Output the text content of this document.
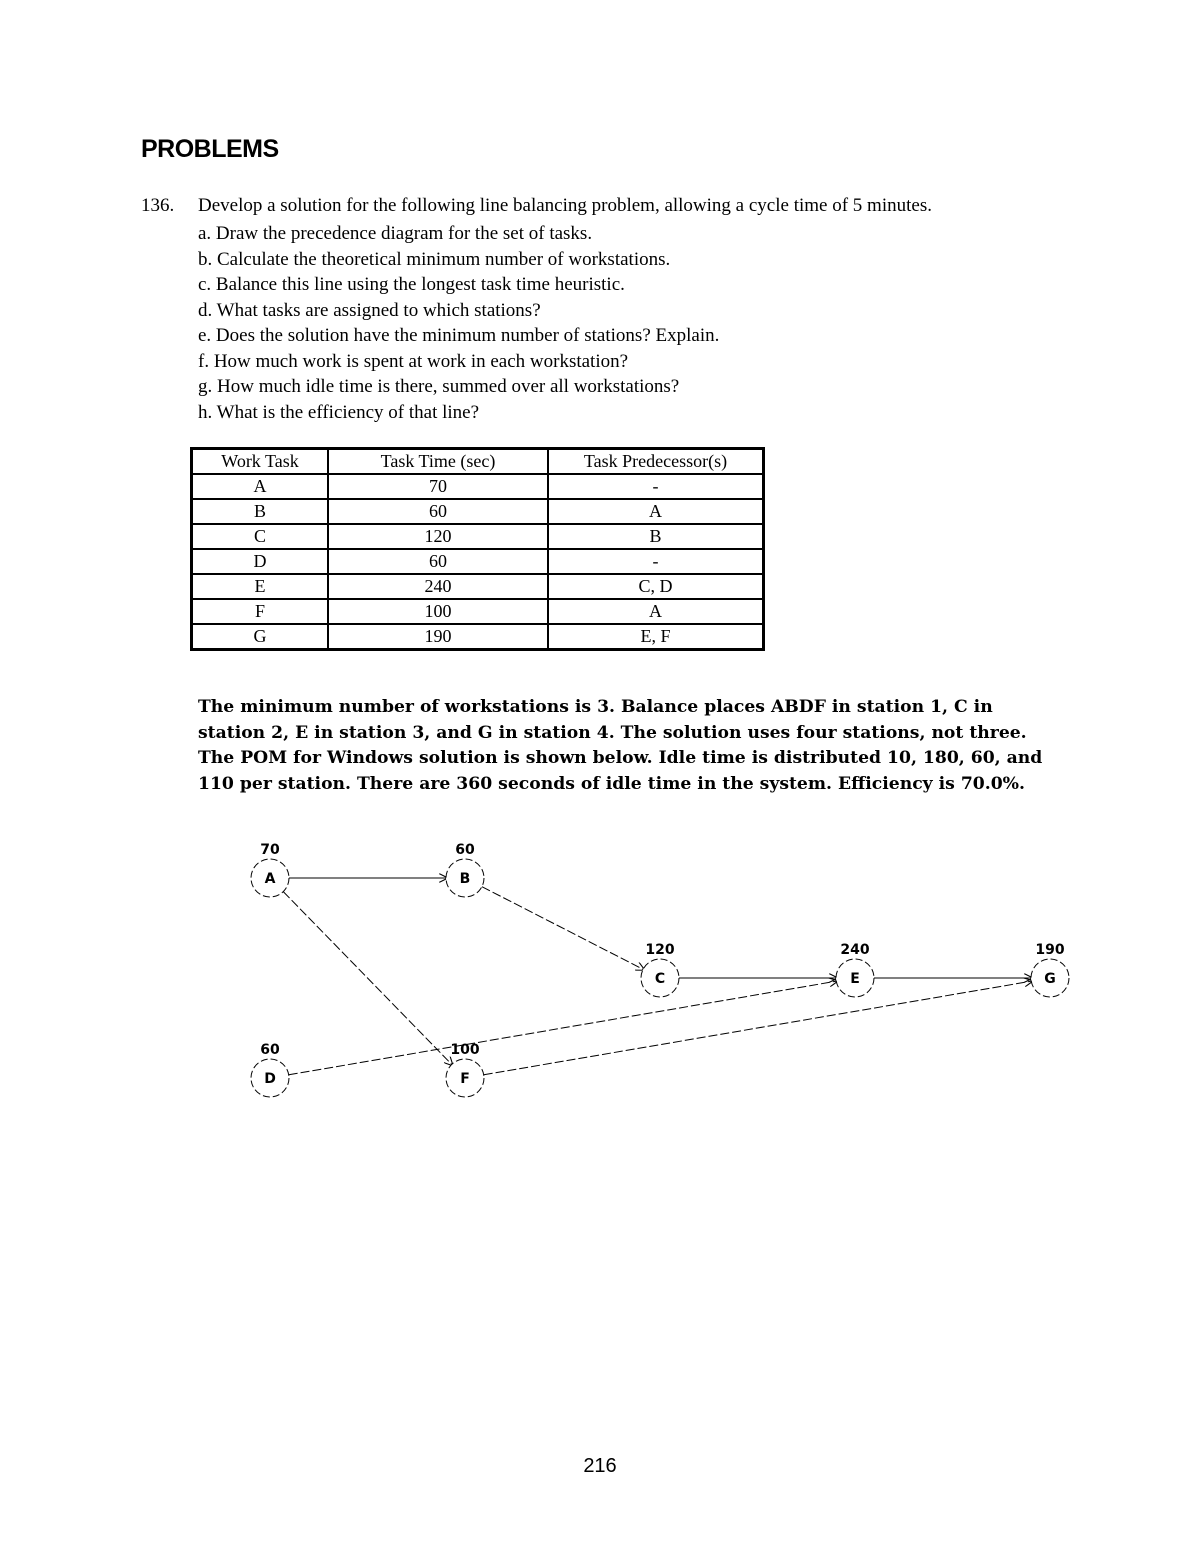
PROBLEMS
136. Develop a solution for the following line balancing problem, allowing a cycle time of 5 minutes.
a. Draw the precedence diagram for the set of tasks.
b. Calculate the theoretical minimum number of workstations.
c. Balance this line using the longest task time heuristic.
d. What tasks are assigned to which stations?
e. Does the solution have the minimum number of stations? Explain.
f. How much work is spent at work in each workstation?
g. How much idle time is there, summed over all workstations?
h. What is the efficiency of that line?
Work Task	Task Time (sec)	Task Predecessor(s)
A	70	-
B	60	A
C	120	B
D	60	-
E	240	C, D
F	100	A
G	190	E, F

The minimum number of workstations is 3. Balance places ABDF in station 1, C in station 2, E in station 3, and G in station 4. The solution uses four stations, not three. The POM for Windows solution is shown below. Idle time is distributed 10, 180, 60, and 110 per station. There are 360 seconds of idle time in the system. Efficiency is 70.0%.

A
70
B
60
C
120
E
240
G
190
D
60
F
100
216
